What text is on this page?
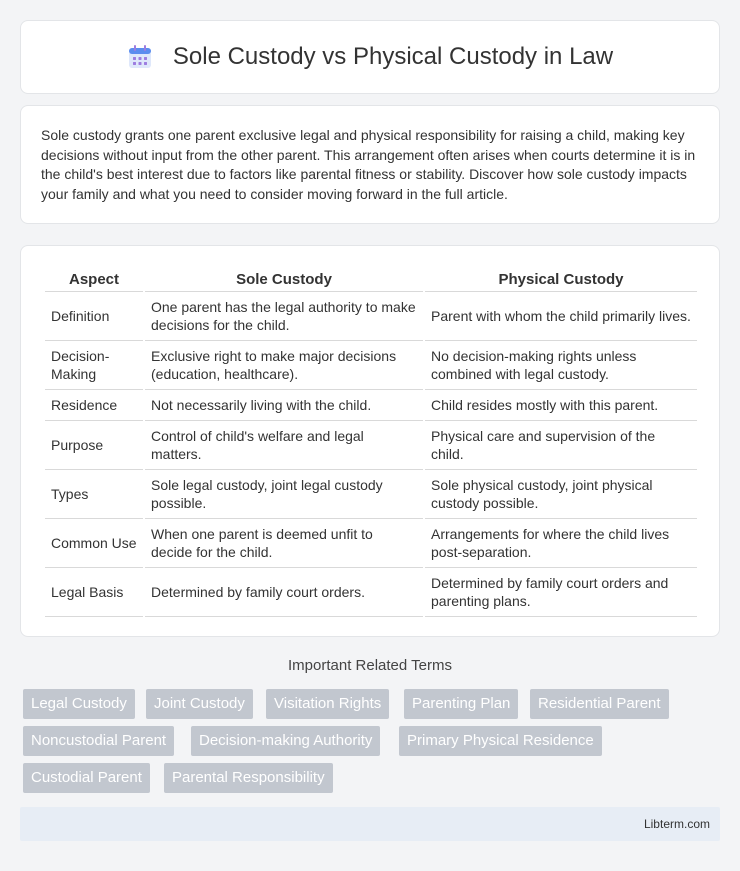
Sole Custody vs Physical Custody in Law

Sole custody grants one parent exclusive legal and physical responsibility for raising a child, making key decisions without input from the other parent. This arrangement often arises when courts determine it is in the child's best interest due to factors like parental fitness or stability. Discover how sole custody impacts your family and what you need to consider moving forward in the full article.

Aspect	Sole Custody	Physical Custody
Definition	One parent has the legal authority to make decisions for the child.	Parent with whom the child primarily lives.
Decision-Making	Exclusive right to make major decisions (education, healthcare).	No decision-making rights unless combined with legal custody.
Residence	Not necessarily living with the child.	Child resides mostly with this parent.
Purpose	Control of child's welfare and legal matters.	Physical care and supervision of the child.
Types	Sole legal custody, joint legal custody possible.	Sole physical custody, joint physical custody possible.
Common Use	When one parent is deemed unfit to decide for the child.	Arrangements for where the child lives post-separation.
Legal Basis	Determined by family court orders.	Determined by family court orders and parenting plans.
Important Related Terms
Legal Custody	Joint Custody	Visitation Rights	Parenting Plan	Residential Parent
Noncustodial Parent	Decision-making Authority	Primary Physical Residence
Custodial Parent	Parental Responsibility
Libterm.com
